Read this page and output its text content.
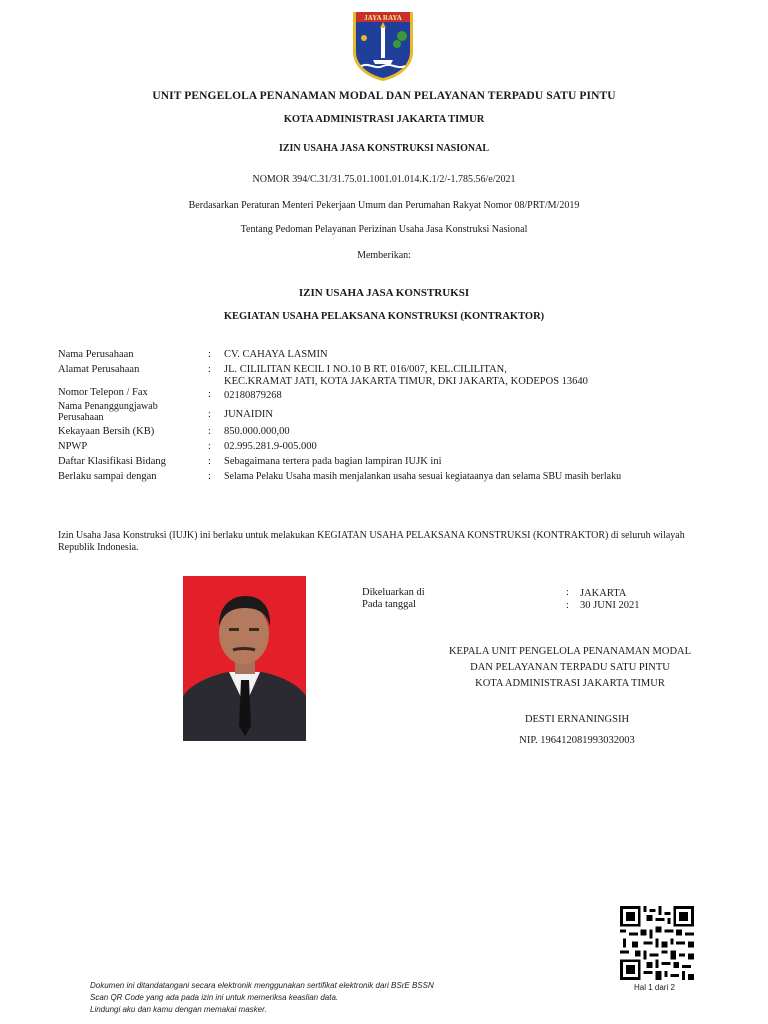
JAYA RAYA
UNIT PENGELOLA PENANAMAN MODAL DAN PELAYANAN TERPADU SATU PINTU
KOTA ADMINISTRASI JAKARTA TIMUR
IZIN USAHA JASA KONSTRUKSI NASIONAL
NOMOR 394/C.31/31.75.01.1001.01.014.K.1/2/-1.785.56/e/2021
Berdasarkan Peraturan Menteri Pekerjaan Umum dan Perumahan Rakyat Nomor 08/PRT/M/2019
Tentang Pedoman Pelayanan Perizinan Usaha Jasa Konstruksi Nasional
Memberikan:
IZIN USAHA JASA KONSTRUKSI
KEGIATAN USAHA PELAKSANA KONSTRUKSI (KONTRAKTOR)
Nama Perusahaan	: CV. CAHAYA LASMIN
Alamat Perusahaan	: JL. CILILITAN KECIL I NO.10 B RT. 016/007, KEL.CILILITAN,
KEC.KRAMAT JATI, KOTA JAKARTA TIMUR, DKI JAKARTA, KODEPOS 13640
Nomor Telepon / Fax	: 02180879268
Nama Penanggungjawab
Perusahaan	: JUNAIDIN
Kekayaan Bersih (KB)	: 850.000.000,00
NPWP	: 02.995.281.9-005.000
Daftar Klasifikasi Bidang	: Sebagaimana tertera pada bagian lampiran IUJK ini
Berlaku sampai dengan	: Selama Pelaku Usaha masih menjalankan usaha sesuai kegiataanya dan selama SBU masih berlaku
Izin Usaha Jasa Konstruksi (IUJK) ini berlaku untuk melakukan KEGIATAN USAHA PELAKSANA KONSTRUKSI (KONTRAKTOR) di seluruh wilayah Republik Indonesia.
Dikeluarkan di	: JAKARTA
Pada tanggal	: 30 JUNI 2021
KEPALA UNIT PENGELOLA PENANAMAN MODAL
DAN PELAYANAN TERPADU SATU PINTU
KOTA ADMINISTRASI JAKARTA TIMUR
DESTI ERNANINGSIH
NIP. 196412081993032003
Hal 1 dari 2
Dokumen ini ditandatangani secara elektronik menggunakan sertifikat elektronik dari BSrE BSSN
Scan QR Code yang ada pada izin ini untuk memeriksa keaslian data.
Lindungi aku dan kamu dengan memakai masker.
